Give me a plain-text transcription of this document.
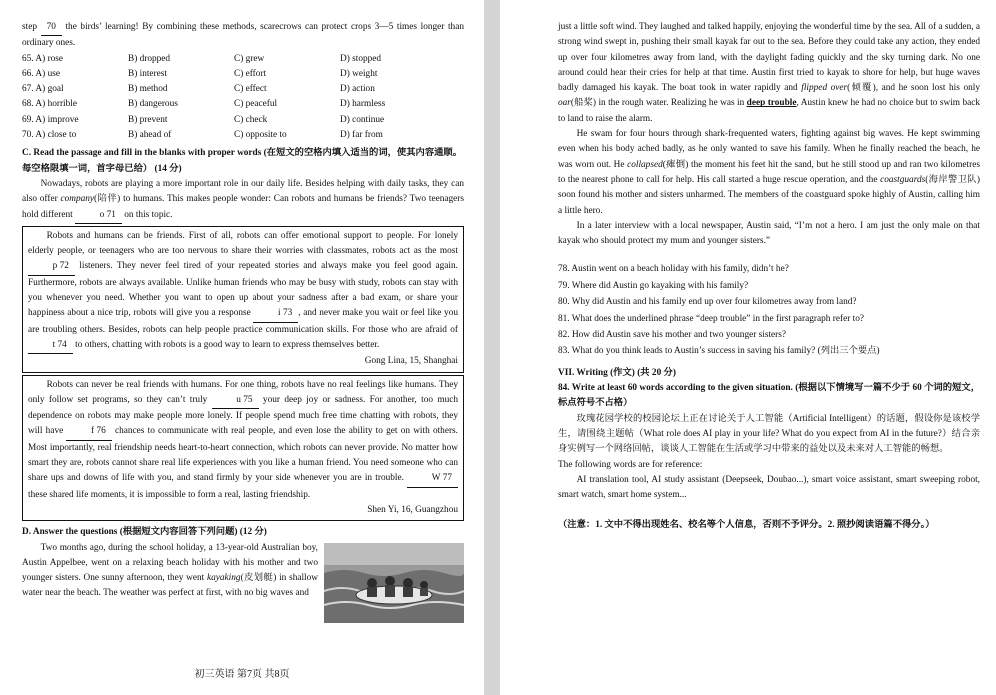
step 70 the birds’ learning! By combining these methods, scarecrows can protect crops 3—5 times longer than ordinary ones.

65. A) rose	B) dropped	C) grew	D) stopped
66. A) use	B) interest	C) effort	D) weight
67. A) goal	B) method	C) effect	D) action
68. A) horrible	B) dangerous	C) peaceful	D) harmless
69. A) improve	B) prevent	C) check	D) continue
70. A) close to	B) ahead of	C) opposite to	D) far from

C. Read the passage and fill in the blanks with proper words (在短文的空格内填入适当的词，使其内容通顺。每空格限填一词，首字母已给） (14 分)

Nowadays, robots are playing a more important role in our daily life. Besides helping with daily tasks, they can also offer company(陪伴) to humans. This makes people wonder: Can robots and humans be friends? Two teenagers hold different	o 71 on this topic.

Robots and humans can be friends. First of all, robots can offer emotional support to people. For lonely elderly people, or teenagers who are too nervous to share their worries with classmates, robots act as the most p 72 listeners. They never feel tired of your repeated stories and always make you feel good again. Furthermore, robots are always available. Unlike human friends who may be busy with study, robots can stay with you whenever you need. Whether you want to open up about your sadness after a bad exam, or share your happiness about a nice trip, robots will give you a response	i 73 , and never make you wait or feel like you are troubling others. Besides, robots can help people practice communication skills. For those who are afraid of t 74 to others, chatting with robots is a good way to learn to express themselves better.

Gong Lina, 15, Shanghai

Robots can never be real friends with humans. For one thing, robots have no real feelings like humans. They only follow set programs, so they can’t truly	u 75 your deep joy or sadness. For another, too much dependence on robots may make people more lonely. If people spend much free time chatting with robots, they will have	f 76 chances to communicate with real people, and even lose the ability to get on with others. Most importantly, real friendship needs heart-to-heart connection, which robots can never provide. No matter how smart they are, robots cannot share real life experiences with you like a human friend. You need someone who can share ups and downs of life with you, and stand firmly by your side whenever you are in trouble.	W 77 these shared life moments, it is impossible to form a real, lasting friendship.

Shen Yi, 16, Guangzhou

D. Answer the questions (根据短文内容回答下列问题) (12 分)

Two months ago, during the school holiday, a 13-year-old Australian boy, Austin Appelbee, went on a relaxing beach holiday with his mother and two younger sisters. One sunny afternoon, they went kayaking(皮划艇) in shallow water near the beach. The weather was perfect at first, with no big waves and

初三英语 第7页 共8页

just a little soft wind. They laughed and talked happily, enjoying the wonderful time by the sea. All of a sudden, a strong wind swept in, pushing their small kayak far out to the sea. Before they could take any action, they ended up over four kilometres away from land, with the daylight fading quickly and the sky turning dark. No one around could hear their cries for help at that time. Austin first tried to kayak to shore for help, but huge waves badly damaged his kayak. The boat took in water rapidly and flipped over(倾覆), and he soon lost his only oar(船桨) in the rough water. Realizing he was in deep trouble, Austin knew he had no choice but to swim back to land to raise the alarm.

He swam for four hours through shark-frequented waters, fighting against big waves. He kept swimming even when his body ached badly, as he only wanted to save his family. When he finally reached the beach, he was worn out. He collapsed(瘫倒) the moment his feet hit the sand, but he still stood up and ran two kilometres to the nearest phone to call for help. His call started a huge rescue operation, and the coastguards(海岸警卫队) soon found his mother and sisters unharmed. The members of the coastguard spoke highly of Austin, calling him a little hero.

In a later interview with a local newspaper, Austin said, “I’m not a hero. I am just the only male on that kayak who should protect my mum and younger sisters.”

78. Austin went on a beach holiday with his family, didn’t he?

79. Where did Austin go kayaking with his family?

80. Why did Austin and his family end up over four kilometres away from land?

81. What does the underlined phrase “deep trouble” in the first paragraph refer to?

82. How did Austin save his mother and two younger sisters?

83. What do you think leads to Austin’s success in saving his family? (列出三个要点)

VII. Writing (作文) (共 20 分)

84. Write at least 60 words according to the given situation. (根据以下情境写一篇不少于 60 个词的短文，标点符号不占格）

玫瑰花园学校的校园论坛上正在讨论关于人工智能（Artificial Intelligent）的话题，假设你是该校学生，请围绕主题帖（What role does AI play in your life? What do you expect from AI in the future?）结合亲身实例写一个网络回帖，谈谈人工智能在生活或学习中带来的益处以及未来对人工智能的畅想。

The following words are for reference:

AI translation tool, AI study assistant (Deepseek, Doubao...), smart voice assistant, smart sweeping robot, smart watch, smart home system...

（注意：1. 文中不得出现姓名、校名等个人信息，否则不予评分。2. 照抄阅读语篇不得分。）
